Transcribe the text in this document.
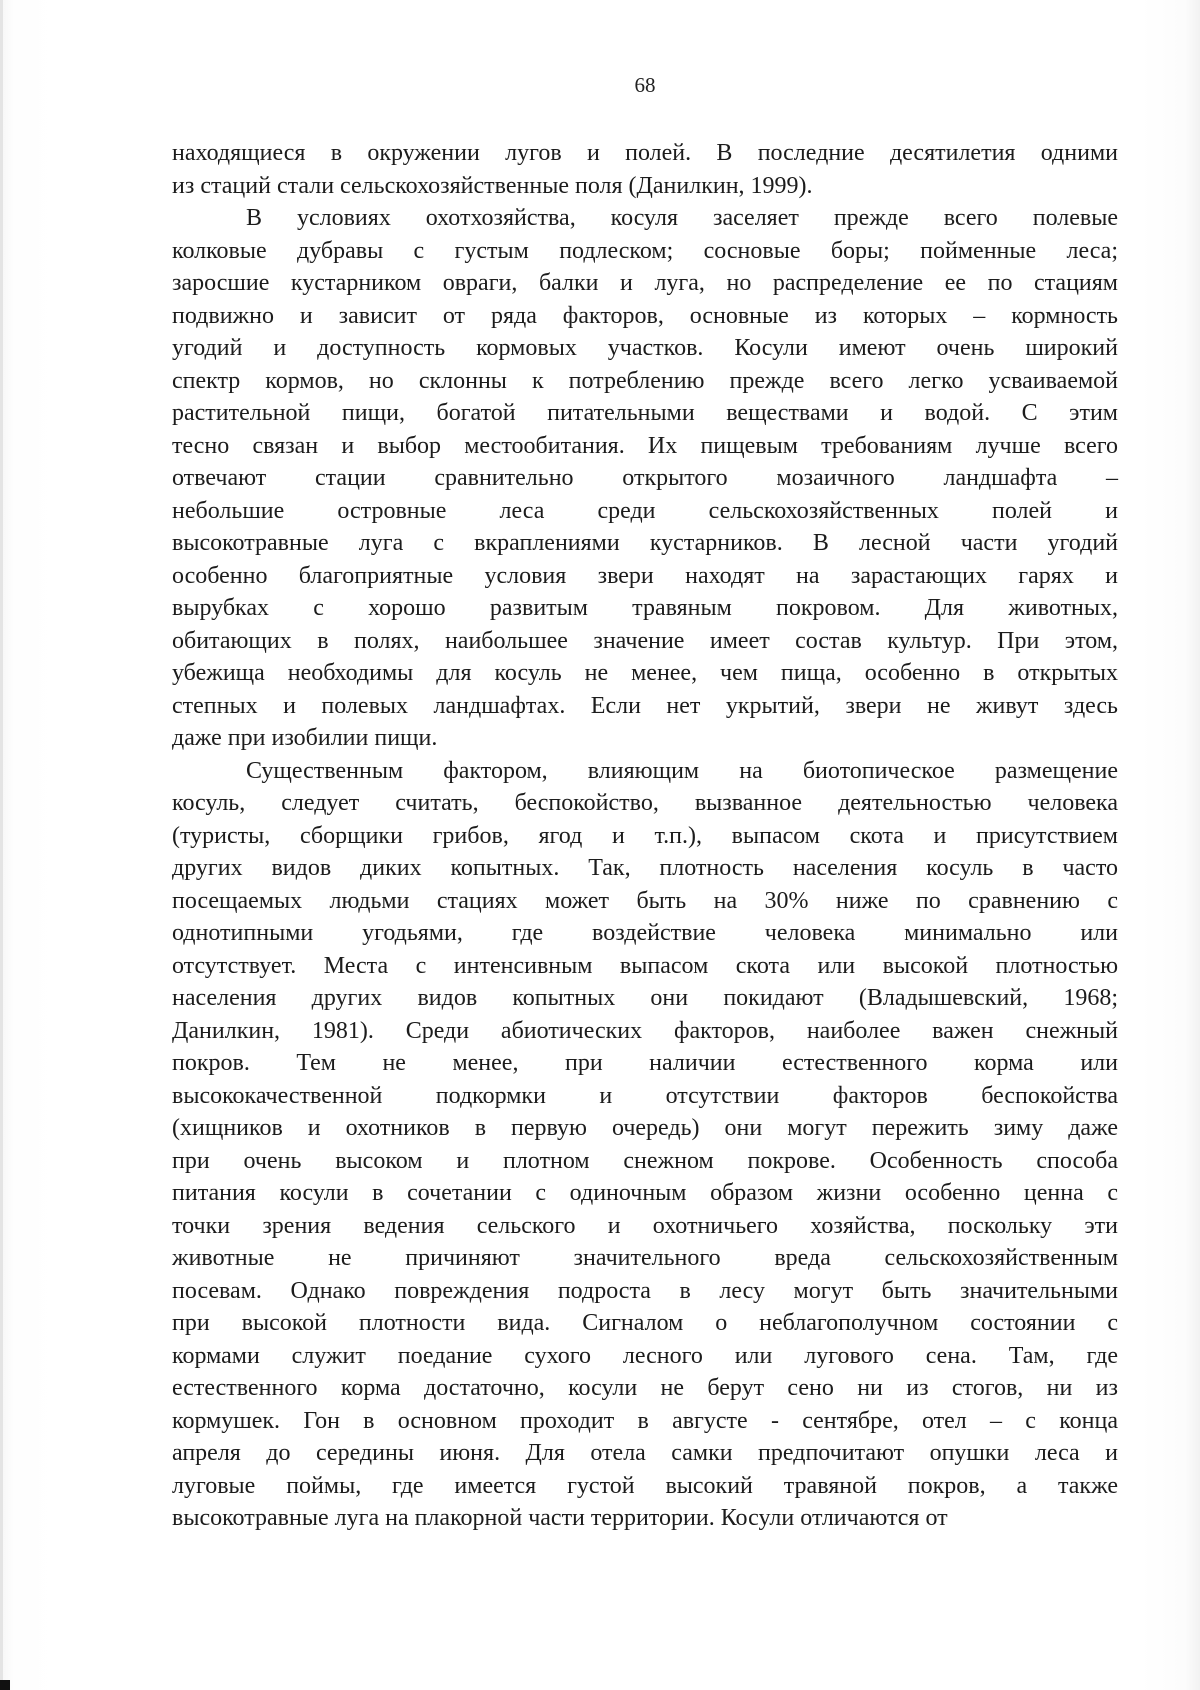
68
находящиеся в окружении лугов и полей. В последние десятилетия одними
из стаций стали сельскохозяйственные поля (Данилкин, 1999).
В условиях охотхозяйства, косуля заселяет прежде всего полевые
колковые дубравы с густым подлеском; сосновые боры; пойменные леса;
заросшие кустарником овраги, балки и луга, но распределение ее по стациям
подвижно и зависит от ряда факторов, основные из которых – кормность
угодий и доступность кормовых участков. Косули имеют очень широкий
спектр кормов, но склонны к потреблению прежде всего легко усваиваемой
растительной пищи, богатой питательными веществами и водой. С этим
тесно связан и выбор местообитания. Их пищевым требованиям лучше всего
отвечают стации сравнительно открытого мозаичного ландшафта –
небольшие островные леса среди сельскохозяйственных полей и
высокотравные луга с вкраплениями кустарников. В лесной части угодий
особенно благоприятные условия звери находят на зарастающих гарях и
вырубках с хорошо развитым травяным покровом. Для животных,
обитающих в полях, наибольшее значение имеет состав культур. При этом,
убежища необходимы для косуль не менее, чем пища, особенно в открытых
степных и полевых ландшафтах. Если нет укрытий, звери не живут здесь
даже при изобилии пищи.
Существенным фактором, влияющим на биотопическое размещение
косуль, следует считать, беспокойство, вызванное деятельностью человека
(туристы, сборщики грибов, ягод и т.п.), выпасом скота и присутствием
других видов диких копытных. Так, плотность населения косуль в часто
посещаемых людьми стациях может быть на 30% ниже по сравнению с
однотипными угодьями, где воздействие человека минимально или
отсутствует. Места с интенсивным выпасом скота или высокой плотностью
населения других видов копытных они покидают (Владышевский, 1968;
Данилкин, 1981). Среди абиотических факторов, наиболее важен снежный
покров. Тем не менее, при наличии естественного корма или
высококачественной подкормки и отсутствии факторов беспокойства
(хищников и охотников в первую очередь) они могут пережить зиму даже
при очень высоком и плотном снежном покрове. Особенность способа
питания косули в сочетании с одиночным образом жизни особенно ценна с
точки зрения ведения сельского и охотничьего хозяйства, поскольку эти
животные не причиняют значительного вреда сельскохозяйственным
посевам. Однако повреждения подроста в лесу могут быть значительными
при высокой плотности вида. Сигналом о неблагополучном состоянии с
кормами служит поедание сухого лесного или лугового сена. Там, где
естественного корма достаточно, косули не берут сено ни из стогов, ни из
кормушек. Гон в основном проходит в августе - сентябре, отел – с конца
апреля до середины июня. Для отела самки предпочитают опушки леса и
луговые поймы, где имеется густой высокий травяной покров, а также
высокотравные луга на плакорной части территории. Косули отличаются от
